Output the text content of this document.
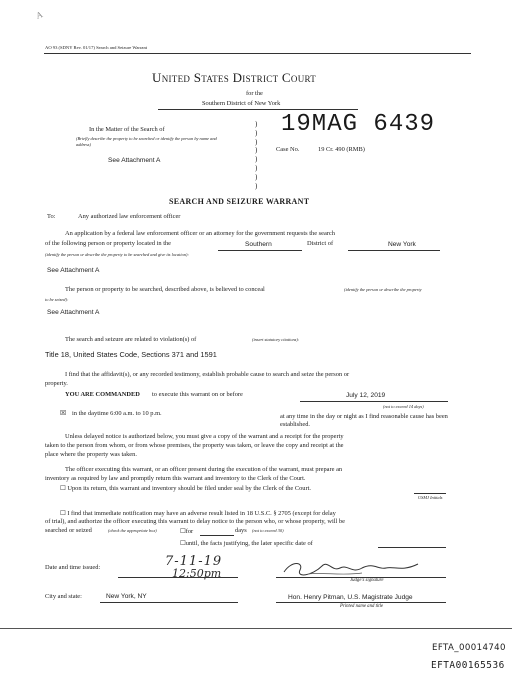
A
AO 93 (SDNY Rev. 01/17) Search and Seizure Warrant
United States District Court
for the
Southern District of New York
In the Matter of the Search of
(Briefly describe the property to be searched or identify the person by name and address)
See Attachment A
)
)
)
)
)
)
)
)
19MAG 6439
Case No.	19 Cr. 490 (RMB)
SEARCH AND SEIZURE WARRANT
To:	Any authorized law enforcement officer
An application by a federal law enforcement officer or an attorney for the government requests the search
of the following person or property located in the	Southern	District of	New York
(identify the person or describe the property to be searched and give its location):
See Attachment A
The person or property to be searched, described above, is believed to conceal	(identify the person or describe the property
to be seized):
See Attachment A
The search and seizure are related to violation(s) of	(insert statutory citations):
Title 18, United States Code, Sections 371 and 1591
I find that the affidavit(s), or any recorded testimony, establish probable cause to search and seize the person or
property.
YOU ARE COMMANDED to execute this warrant on or before	July 12, 2019
(not to exceed 14 days)
☒ in the daytime 6:00 a.m. to 10 p.m.	☐
at any time in the day or night as I find reasonable cause has been
established.
Unless delayed notice is authorized below, you must give a copy of the warrant and a receipt for the property
taken to the person from whom, or from whose premises, the property was taken, or leave the copy and receipt at the
place where the property was taken.
The officer executing this warrant, or an officer present during the execution of the warrant, must prepare an
inventory as required by law and promptly return this warrant and inventory to the Clerk of the Court.
☐ Upon its return, this warrant and inventory should be filed under seal by the Clerk of the Court.
USMJ Initials
☐ I find that immediate notification may have an adverse result listed in 18 U.S.C. § 2705 (except for delay
of trial), and authorize the officer executing this warrant to delay notice to the person who, or whose property, will be
searched or seized	(check the appropriate box)	☐for	days (not to exceed 30)
☐until, the facts justifying, the later specific date of
Date and time issued:	7-11-19
12:50pm
Judge's signature
City and state:	New York, NY	Hon. Henry Pitman, U.S. Magistrate Judge
Printed name and title
EFTA_00014740
EFTA00165536
